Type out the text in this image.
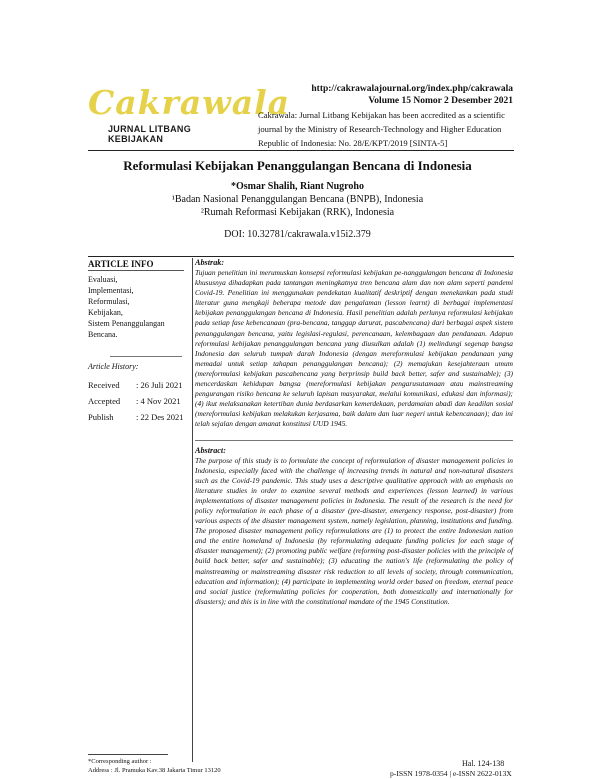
Cakrawala
JURNAL LITBANG KEBIJAKAN
http://cakrawalajournal.org/index.php/cakrawala
Volume 15 Nomor 2 Desember 2021
Cakrawala: Jurnal Litbang Kebijakan has been accredited as a scientific
journal by the Ministry of Research-Technology and Higher Education
Republic of Indonesia: No. 28/E/KPT/2019 [SINTA-5]
Reformulasi Kebijakan Penanggulangan Bencana di Indonesia
*Osmar Shalih, Riant Nugroho
¹Badan Nasional Penanggulangan Bencana (BNPB), Indonesia
²Rumah Reformasi Kebijakan (RRK), Indonesia
DOI: 10.32781/cakrawala.v15i2.379
ARTICLE INFO
Evaluasi,
Implementasi,
Reformulasi,
Kebijakan,
Sistem Penanggulangan Bencana.
Article History:
Received : 26 Juli 2021
Accepted : 4 Nov 2021
Publish	: 22 Des 2021
Abstrak:
Tujuan penelitian ini merumuskan konsepsi reformulasi kebijakan pe-nanggulangan bencana di Indonesia khususnya dihadapkan pada tantangan meningkatnya tren bencana alam dan non alam seperti pandemi Covid-19. Penelitian ini menggunakan pendekatan kualitatif deskriptif dengan menekankan pada studi literatur guna mengkaji beberapa metode dan pengalaman (lesson learnt) di berbagai implementasi kebijakan penanggulangan bencana di Indonesia. Hasil penelitian adalah perlunya reformulasi kebijakan pada setiap fase kebencanaan (pra-bencana, tanggap darurat, pascabencana) dari berbagai aspek sistem penanggulangan bencana, yaitu legislasi-regulasi, perencanaan, kelembagaan dan pendanaan. Adapun reformulasi kebijakan penanggulangan bencana yang diusulkan adalah (1) melindungi segenap bangsa Indonesia dan seluruh tumpah darah Indonesia (dengan mereformulasi kebijakan pendanaan yang memadai untuk setiap tahapan penanggulangan bencana); (2) memajukan kesejahteraan umum (mereformulasi kebijakan pascabencana yang berprinsip build back better, safer and sustainable); (3) mencerdaskan kehidupan bangsa (mereformulasi kebijakan pengarusutamaan atau mainstreaming pengurangan risiko bencana ke seluruh lapisan masyarakat, melalui komunikasi, edukasi dan informasi); (4) ikut melaksanakan ketertiban dunia berdasarkan kemerdekaan, perdamaian abadi dan keadilan sosial (mereformulasi kebijakan melakukan kerjasama, baik dalam dan luar negeri untuk kebencanaan); dan ini telah sejalan dengan amanat konstitusi UUD 1945.
Abstract:
The purpose of this study is to formulate the concept of reformulation of disaster management policies in Indonesia, especially faced with the challenge of increasing trends in natural and non-natural disasters such as the Covid-19 pandemic. This study uses a descriptive qualitative approach with an emphasis on literature studies in order to examine several methods and experiences (lesson learned) in various implementations of disaster management policies in Indonesia. The result of the research is the need for policy reformulation in each phase of a disaster (pre-disaster, emergency response, post-disaster) from various aspects of the disaster management system, namely legislation, planning, institutions and funding. The proposed disaster management policy reformulations are (1) to protect the entire Indonesian nation and the entire homeland of Indonesia (by reformulating adequate funding policies for each stage of disaster management); (2) promoting public welfare (reforming post-disaster policies with the principle of build back better, safer and sustainable); (3) educating the nation's life (reformulating the policy of mainstreaming or mainstreaming disaster risk reduction to all levels of society, through communication, education and information); (4) participate in implementing world order based on freedom, eternal peace and social justice (reformulating policies for cooperation, both domestically and internationally for disasters); and this is in line with the constitutional mandate of the 1945 Constitution.
*Corresponding author :
Address : Jl. Pramuka Kav.38 Jakarta Timur 13120
Hal. 124-138
p-ISSN 1978-0354 | e-ISSN 2622-013X
